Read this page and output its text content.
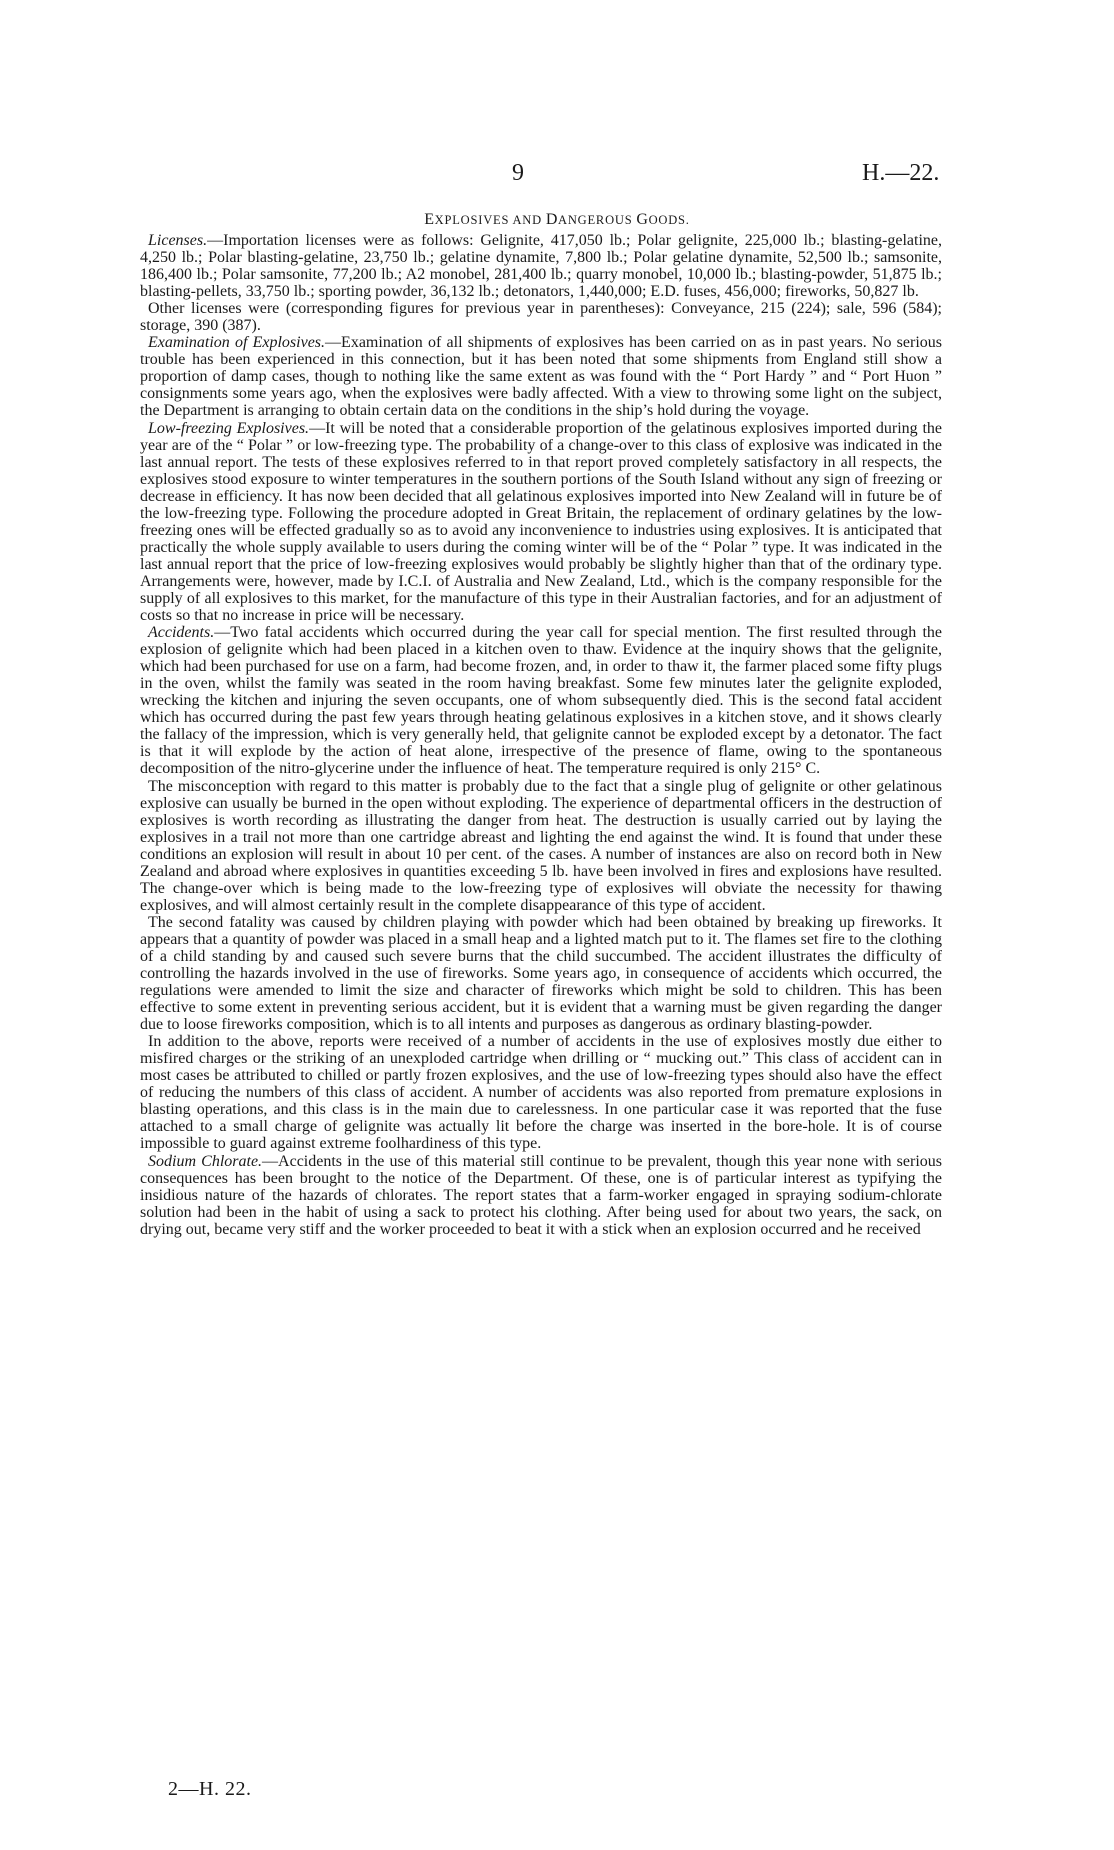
9	H.—22.
EXPLOSIVES AND DANGEROUS GOODS.

Licenses.—Importation licenses were as follows: Gelignite, 417,050 lb.; Polar gelignite, 225,000 lb.; blasting-gelatine, 4,250 lb.; Polar blasting-gelatine, 23,750 lb.; gelatine dynamite, 7,800 lb.; Polar gelatine dynamite, 52,500 lb.; samsonite, 186,400 lb.; Polar samsonite, 77,200 lb.; A2 monobel, 281,400 lb.; quarry monobel, 10,000 lb.; blasting-powder, 51,875 lb.; blasting-pellets, 33,750 lb.; sporting powder, 36,132 lb.; detonators, 1,440,000; E.D. fuses, 456,000; fireworks, 50,827 lb.

Other licenses were (corresponding figures for previous year in parentheses): Conveyance, 215 (224); sale, 596 (584); storage, 390 (387).

Examination of Explosives.—Examination of all shipments of explosives has been carried on as in past years. No serious trouble has been experienced in this connection, but it has been noted that some shipments from England still show a proportion of damp cases, though to nothing like the same extent as was found with the “ Port Hardy ” and “ Port Huon ” consignments some years ago, when the explosives were badly affected. With a view to throwing some light on the subject, the Department is arranging to obtain certain data on the conditions in the ship’s hold during the voyage.

Low-freezing Explosives.—It will be noted that a considerable proportion of the gelatinous explosives imported during the year are of the “ Polar ” or low-freezing type. The probability of a change-over to this class of explosive was indicated in the last annual report. The tests of these explosives referred to in that report proved completely satisfactory in all respects, the explosives stood exposure to winter temperatures in the southern portions of the South Island without any sign of freezing or decrease in efficiency. It has now been decided that all gelatinous explosives imported into New Zealand will in future be of the low-freezing type. Following the procedure adopted in Great Britain, the replacement of ordinary gelatines by the low-freezing ones will be effected gradually so as to avoid any inconvenience to industries using explosives. It is anticipated that practically the whole supply available to users during the coming winter will be of the “ Polar ” type. It was indicated in the last annual report that the price of low-freezing explosives would probably be slightly higher than that of the ordinary type. Arrangements were, however, made by I.C.I. of Australia and New Zealand, Ltd., which is the company responsible for the supply of all explosives to this market, for the manufacture of this type in their Australian factories, and for an adjustment of costs so that no increase in price will be necessary.

Accidents.—Two fatal accidents which occurred during the year call for special mention. The first resulted through the explosion of gelignite which had been placed in a kitchen oven to thaw. Evidence at the inquiry shows that the gelignite, which had been purchased for use on a farm, had become frozen, and, in order to thaw it, the farmer placed some fifty plugs in the oven, whilst the family was seated in the room having breakfast. Some few minutes later the gelignite exploded, wrecking the kitchen and injuring the seven occupants, one of whom subsequently died. This is the second fatal accident which has occurred during the past few years through heating gelatinous explosives in a kitchen stove, and it shows clearly the fallacy of the impression, which is very generally held, that gelignite cannot be exploded except by a detonator. The fact is that it will explode by the action of heat alone, irrespective of the presence of flame, owing to the spontaneous decomposition of the nitro-glycerine under the influence of heat. The temperature required is only 215° C.

The misconception with regard to this matter is probably due to the fact that a single plug of gelignite or other gelatinous explosive can usually be burned in the open without exploding. The experience of departmental officers in the destruction of explosives is worth recording as illustrating the danger from heat. The destruction is usually carried out by laying the explosives in a trail not more than one cartridge abreast and lighting the end against the wind. It is found that under these conditions an explosion will result in about 10 per cent. of the cases. A number of instances are also on record both in New Zealand and abroad where explosives in quantities exceeding 5 lb. have been involved in fires and explosions have resulted. The change-over which is being made to the low-freezing type of explosives will obviate the necessity for thawing explosives, and will almost certainly result in the complete disappearance of this type of accident.

The second fatality was caused by children playing with powder which had been obtained by breaking up fireworks. It appears that a quantity of powder was placed in a small heap and a lighted match put to it. The flames set fire to the clothing of a child standing by and caused such severe burns that the child succumbed. The accident illustrates the difficulty of controlling the hazards involved in the use of fireworks. Some years ago, in consequence of accidents which occurred, the regulations were amended to limit the size and character of fireworks which might be sold to children. This has been effective to some extent in preventing serious accident, but it is evident that a warning must be given regarding the danger due to loose fireworks composition, which is to all intents and purposes as dangerous as ordinary blasting-powder.

In addition to the above, reports were received of a number of accidents in the use of explosives mostly due either to misfired charges or the striking of an unexploded cartridge when drilling or “ mucking out.” This class of accident can in most cases be attributed to chilled or partly frozen explosives, and the use of low-freezing types should also have the effect of reducing the numbers of this class of accident. A number of accidents was also reported from premature explosions in blasting operations, and this class is in the main due to carelessness. In one particular case it was reported that the fuse attached to a small charge of gelignite was actually lit before the charge was inserted in the bore-hole. It is of course impossible to guard against extreme foolhardiness of this type.

Sodium Chlorate.—Accidents in the use of this material still continue to be prevalent, though this year none with serious consequences has been brought to the notice of the Department. Of these, one is of particular interest as typifying the insidious nature of the hazards of chlorates. The report states that a farm-worker engaged in spraying sodium-chlorate solution had been in the habit of using a sack to protect his clothing. After being used for about two years, the sack, on drying out, became very stiff and the worker proceeded to beat it with a stick when an explosion occurred and he received

2—H. 22.
